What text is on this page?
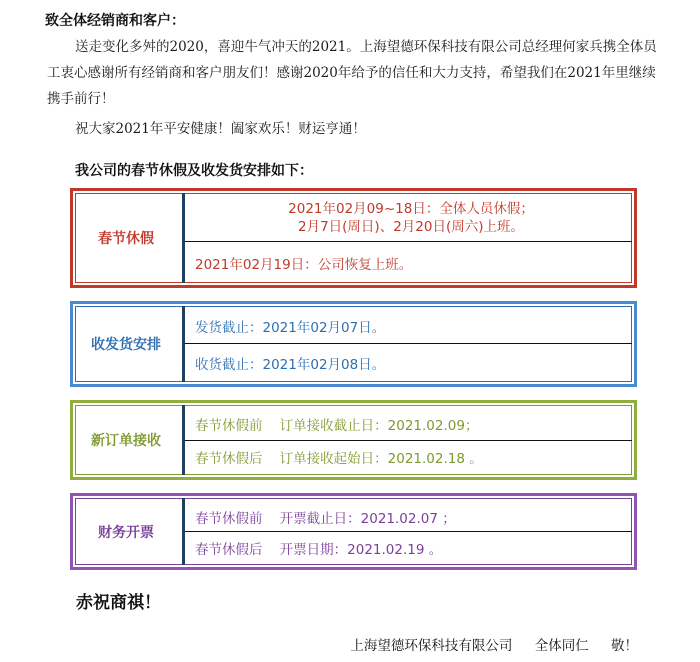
致全体经销商和客户：
送走变化多舛的2020，喜迎牛气冲天的2021。上海望德环保科技有限公司总经理何家兵携全体员工衷心感谢所有经销商和客户朋友们！感谢2020年给予的信任和大力支持，希望我们在2021年里继续携手前行！
祝大家2021年平安健康！阖家欢乐！财运亨通！
我公司的春节休假及收发货安排如下：
春节休假
2021年02月09~18日：全体人员休假；
2月7日(周日)、2月20日(周六)上班。
2021年02月19日：公司恢复上班。
收发货安排
发货截止：2021年02月07日。
收货截止：2021年02月08日。
新订单接收
春节休假前    订单接收截止日：2021.02.09；
春节休假后    订单接收起始日：2021.02.18 。
财务开票
春节休假前    开票截止日：2021.02.07 ；
春节休假后    开票日期：2021.02.19 。
赤祝商祺！
上海望德环保科技有限公司 全体同仁 敬！
